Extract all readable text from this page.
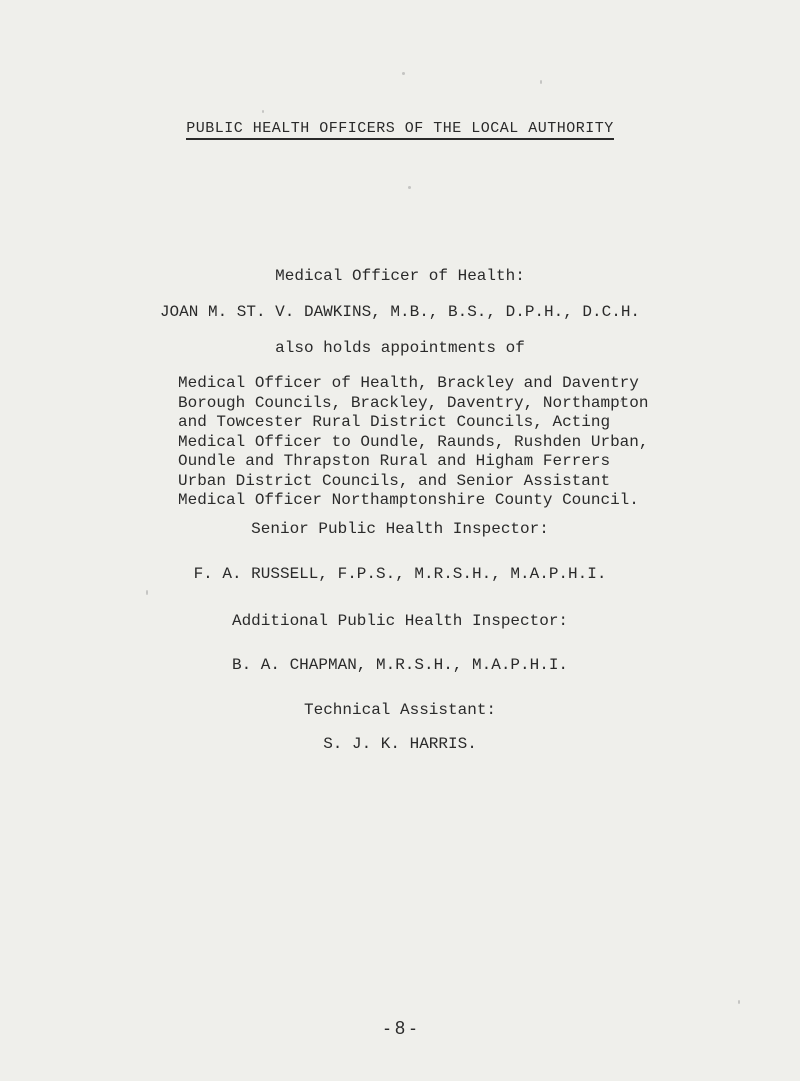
PUBLIC HEALTH OFFICERS OF THE LOCAL AUTHORITY
Medical Officer of Health:
JOAN M. ST. V. DAWKINS, M.B., B.S., D.P.H., D.C.H.
also holds appointments of
Medical Officer of Health, Brackley and Daventry
Borough Councils, Brackley, Daventry, Northampton
and Towcester Rural District Councils, Acting
Medical Officer to Oundle, Raunds, Rushden Urban,
Oundle and Thrapston Rural and Higham Ferrers
Urban District Councils, and Senior Assistant
Medical Officer Northamptonshire County Council.
Senior Public Health Inspector:
F. A. RUSSELL, F.P.S., M.R.S.H., M.A.P.H.I.
Additional Public Health Inspector:
B. A. CHAPMAN, M.R.S.H., M.A.P.H.I.
Technical Assistant:
S. J. K. HARRIS.
- 8 -
